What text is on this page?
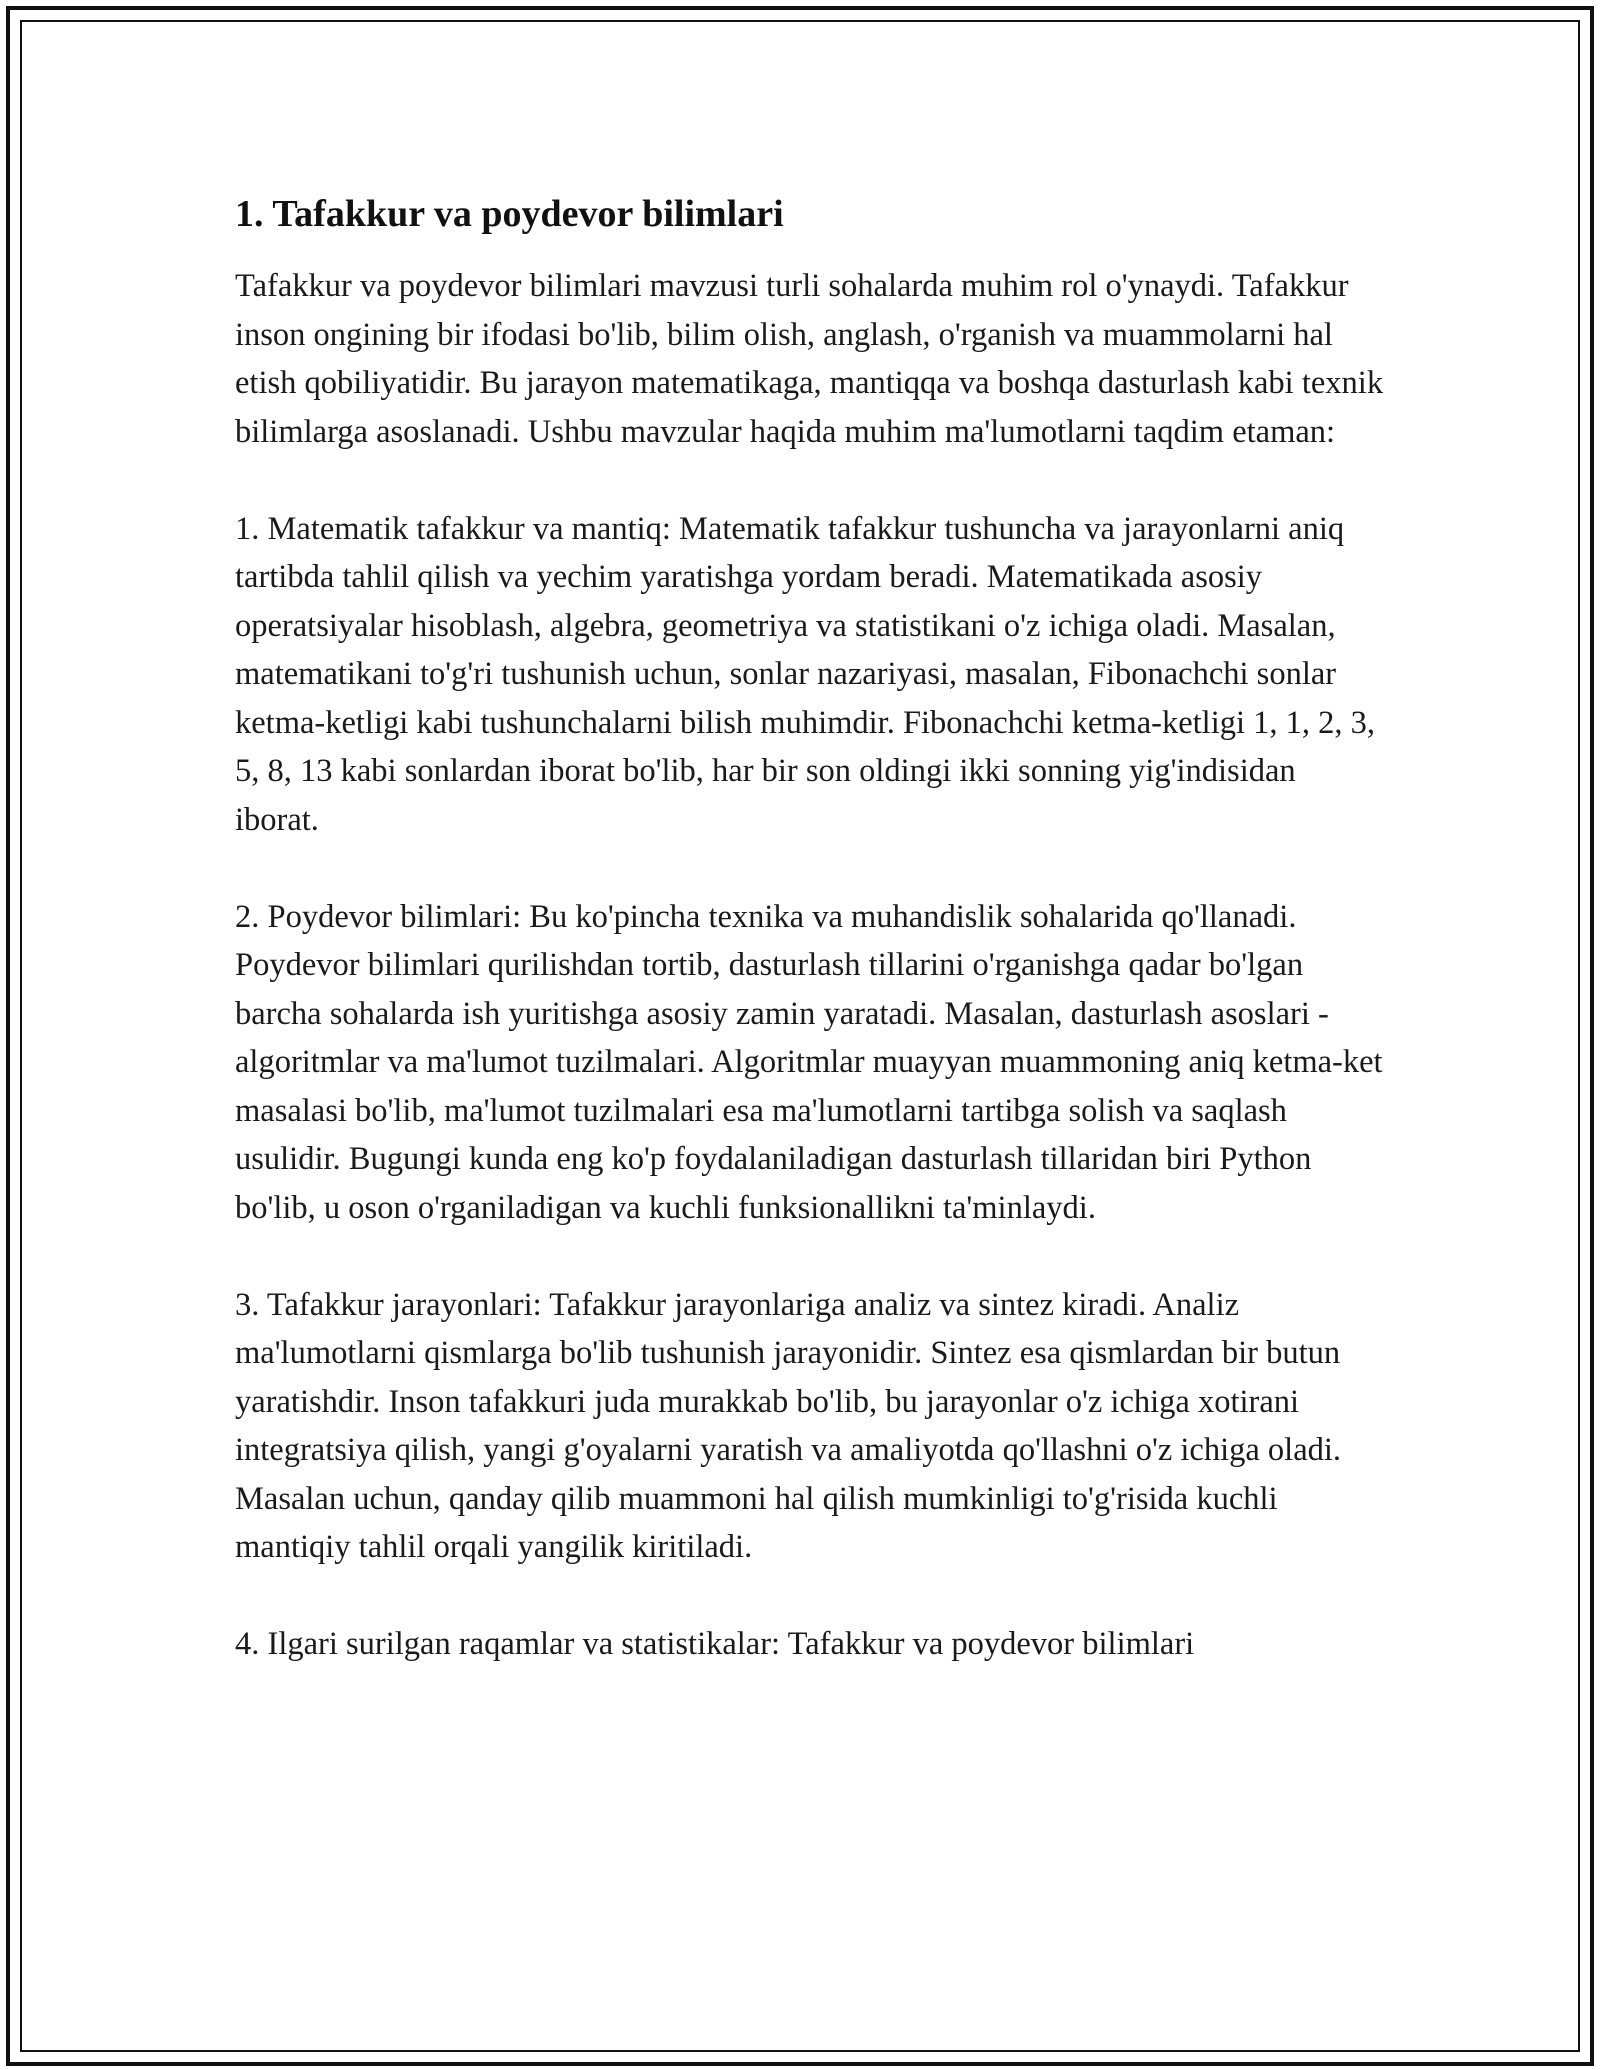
1. Tafakkur va poydevor bilimlari

Tafakkur va poydevor bilimlari mavzusi turli sohalarda muhim rol o'ynaydi. Tafakkur inson ongining bir ifodasi bo'lib, bilim olish, anglash, o'rganish va muammolarni hal etish qobiliyatidir. Bu jarayon matematikaga, mantiqqa va boshqa dasturlash kabi texnik bilimlarga asoslanadi. Ushbu mavzular haqida muhim ma'lumotlarni taqdim etaman:

1. Matematik tafakkur va mantiq: Matematik tafakkur tushuncha va jarayonlarni aniq tartibda tahlil qilish va yechim yaratishga yordam beradi. Matematikada asosiy operatsiyalar hisoblash, algebra, geometriya va statistikani o'z ichiga oladi. Masalan, matematikani to'g'ri tushunish uchun, sonlar nazariyasi, masalan, Fibonachchi sonlar ketma-ketligi kabi tushunchalarni bilish muhimdir. Fibonachchi ketma-ketligi 1, 1, 2, 3, 5, 8, 13 kabi sonlardan iborat bo'lib, har bir son oldingi ikki sonning yig'indisidan iborat.

2. Poydevor bilimlari: Bu ko'pincha texnika va muhandislik sohalarida qo'llanadi. Poydevor bilimlari qurilishdan tortib, dasturlash tillarini o'rganishga qadar bo'lgan barcha sohalarda ish yuritishga asosiy zamin yaratadi. Masalan, dasturlash asoslari - algoritmlar va ma'lumot tuzilmalari. Algoritmlar muayyan muammoning aniq ketma-ket masalasi bo'lib, ma'lumot tuzilmalari esa ma'lumotlarni tartibga solish va saqlash usulidir. Bugungi kunda eng ko'p foydalaniladigan dasturlash tillaridan biri Python bo'lib, u oson o'rganiladigan va kuchli funksionallikni ta'minlaydi.

3. Tafakkur jarayonlari: Tafakkur jarayonlariga analiz va sintez kiradi. Analiz ma'lumotlarni qismlarga bo'lib tushunish jarayonidir. Sintez esa qismlardan bir butun yaratishdir. Inson tafakkuri juda murakkab bo'lib, bu jarayonlar o'z ichiga xotirani integratsiya qilish, yangi g'oyalarni yaratish va amaliyotda qo'llashni o'z ichiga oladi. Masalan uchun, qanday qilib muammoni hal qilish mumkinligi to'g'risida kuchli mantiqiy tahlil orqali yangilik kiritiladi.

4. Ilgari surilgan raqamlar va statistikalar: Tafakkur va poydevor bilimlari
